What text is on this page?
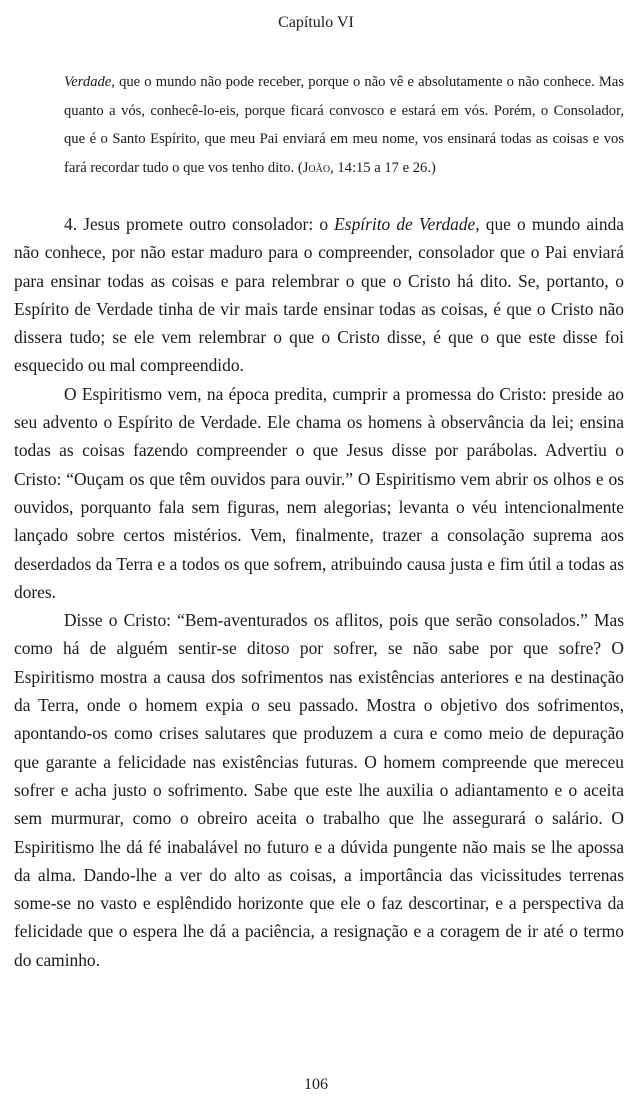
Capítulo VI

Verdade, que o mundo não pode receber, porque o não vê e absolutamente o não conhece. Mas quanto a vós, conhecê-lo-eis, porque ficará convosco e estará em vós. Porém, o Consolador, que é o Santo Espírito, que meu Pai enviará em meu nome, vos ensinará todas as coisas e vos fará recordar tudo o que vos tenho dito. (João, 14:15 a 17 e 26.)

4. Jesus promete outro consolador: o Espírito de Verdade, que o mundo ainda não conhece, por não estar maduro para o compreender, consolador que o Pai enviará para ensinar todas as coisas e para relembrar o que o Cristo há dito. Se, portanto, o Espírito de Verdade tinha de vir mais tarde ensinar todas as coisas, é que o Cristo não dissera tudo; se ele vem relembrar o que o Cristo disse, é que o que este disse foi esquecido ou mal compreendido.

O Espiritismo vem, na época predita, cumprir a promessa do Cristo: preside ao seu advento o Espírito de Verdade. Ele chama os homens à observância da lei; ensina todas as coisas fazendo compreender o que Jesus disse por parábolas. Advertiu o Cristo: “Ouçam os que têm ouvidos para ouvir.” O Espiritismo vem abrir os olhos e os ouvidos, porquanto fala sem figuras, nem alegorias; levanta o véu intencionalmente lançado sobre certos mistérios. Vem, finalmente, trazer a consolação suprema aos deserdados da Terra e a todos os que sofrem, atribuindo causa justa e fim útil a todas as dores.

Disse o Cristo: “Bem-aventurados os aflitos, pois que serão consolados.” Mas como há de alguém sentir-se ditoso por sofrer, se não sabe por que sofre? O Espiritismo mostra a causa dos sofrimentos nas existências anteriores e na destinação da Terra, onde o homem expia o seu passado. Mostra o objetivo dos sofrimentos, apontando-os como crises salutares que produzem a cura e como meio de depuração que garante a felicidade nas existências futuras. O homem compreende que mereceu sofrer e acha justo o sofrimento. Sabe que este lhe auxilia o adiantamento e o aceita sem murmurar, como o obreiro aceita o trabalho que lhe assegurará o salário. O Espiritismo lhe dá fé inabalável no futuro e a dúvida pungente não mais se lhe apossa da alma. Dando-lhe a ver do alto as coisas, a importância das vicissitudes terrenas some-se no vasto e esplêndido horizonte que ele o faz descortinar, e a perspectiva da felicidade que o espera lhe dá a paciência, a resignação e a coragem de ir até o termo do caminho.

106
